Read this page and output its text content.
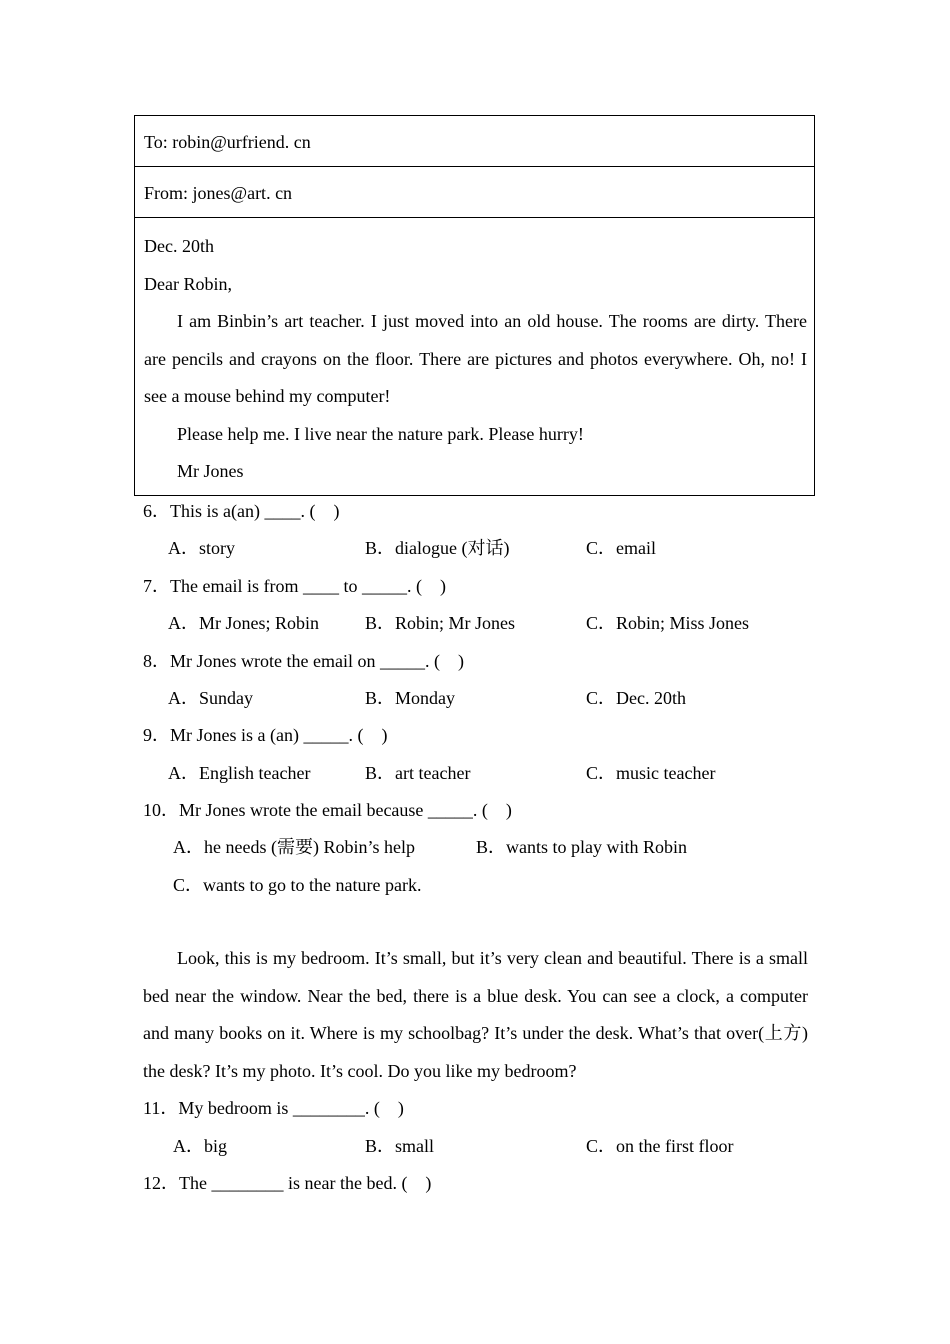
To: robin@urfriend. cn
From: jones@art. cn

Dec. 20th

Dear Robin,

I am Binbin’s art teacher. I just moved into an old house. The rooms are dirty. There are pencils and crayons on the floor. There are pictures and photos everywhere. Oh, no! I see a mouse behind my computer!

Please help me. I live near the nature park. Please hurry!

Mr Jones

6．This is a(an) ____. (　)
A．story	B．dialogue (对话)	C．email
7．The email is from ____ to _____. (　)
A．Mr Jones; Robin	B．Robin; Mr Jones	C．Robin; Miss Jones
8．Mr Jones wrote the email on _____. (　)
A．Sunday	B．Monday	C．Dec. 20th
9．Mr Jones is a (an) _____. (　)
A．English teacher	B．art teacher	C．music teacher
10．Mr Jones wrote the email because _____. (　)
A．he needs (需要) Robin’s help	B．wants to play with Robin
C．wants to go to the nature park.

Look, this is my bedroom. It’s small, but it’s very clean and beautiful. There is a small bed near the window. Near the bed, there is a blue desk. You can see a clock, a computer and many books on it. Where is my schoolbag? It’s under the desk. What’s that over(上方) the desk? It’s my photo. It’s cool. Do you like my bedroom?

11．My bedroom is ________. (　)
A．big	B．small	C．on the first floor
12．The ________ is near the bed. (　)
